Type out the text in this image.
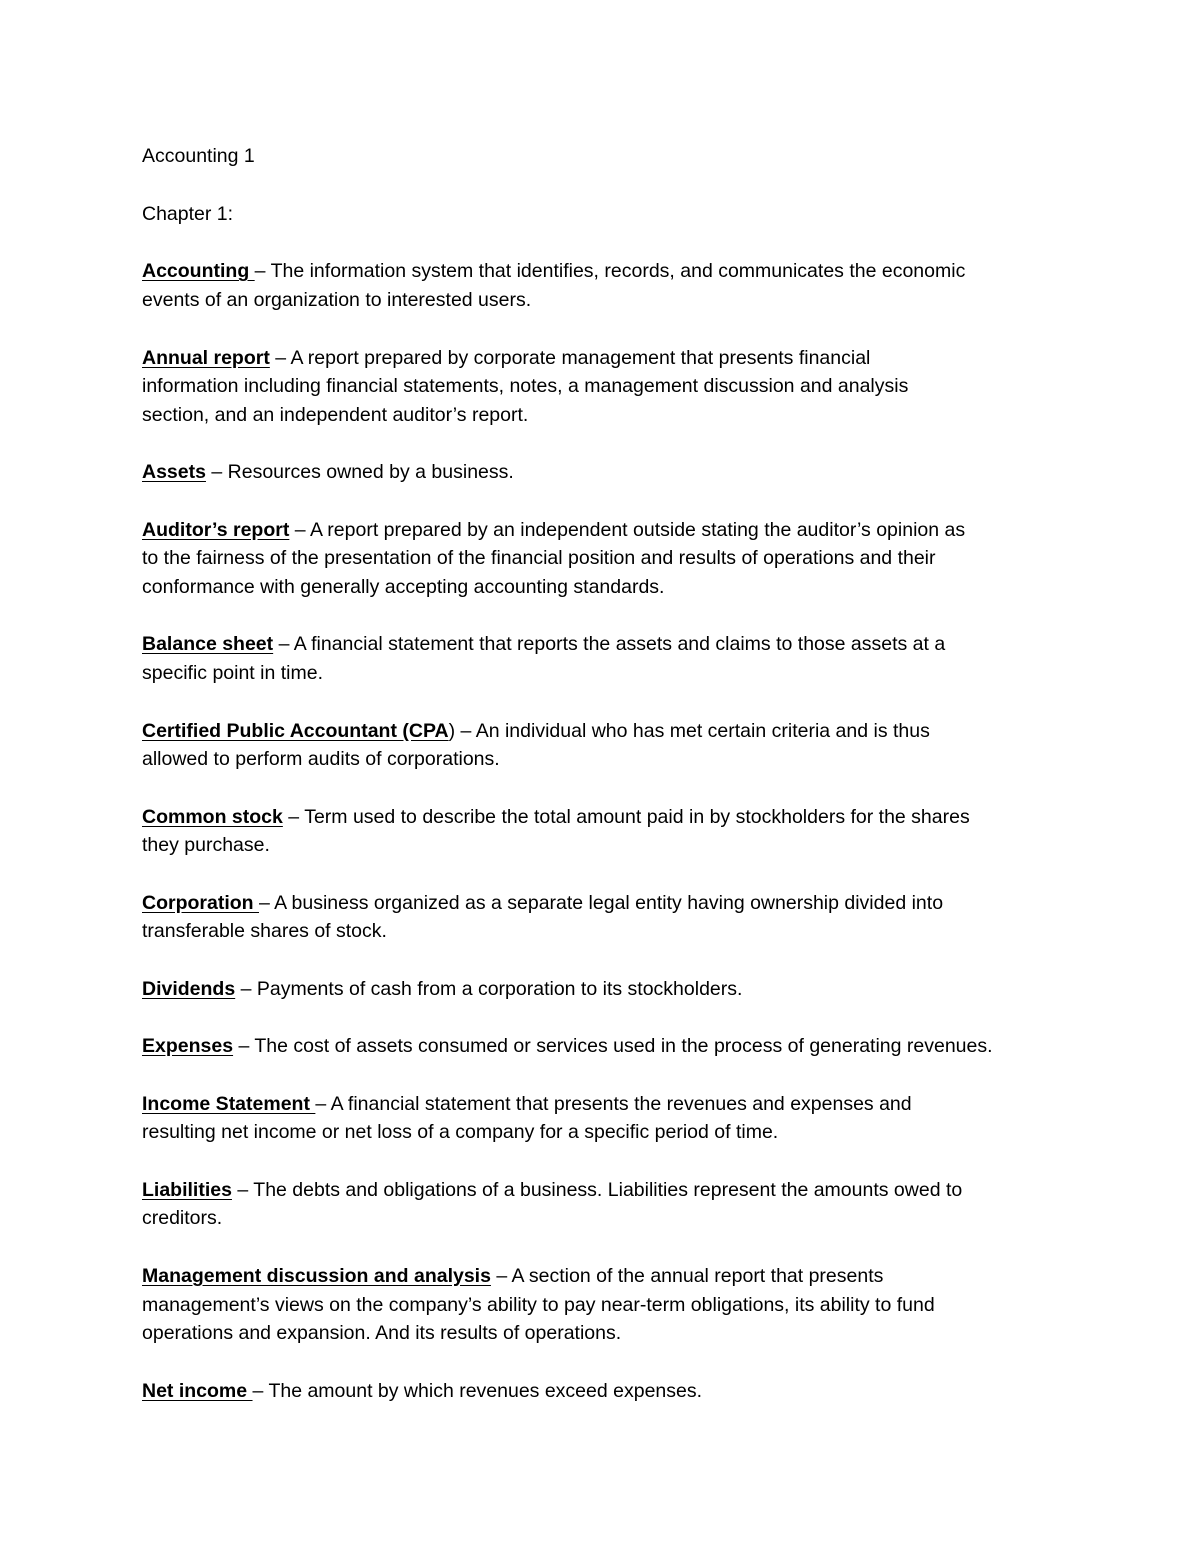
Accounting 1

Chapter 1:

Accounting – The information system that identifies, records, and communicates the economic

events of an organization to interested users.

Annual report – A report prepared by corporate management that presents financial

information including financial statements, notes, a management discussion and analysis

section, and an independent auditor’s report.

Assets – Resources owned by a business.

Auditor’s report – A report prepared by an independent outside stating the auditor’s opinion as

to the fairness of the presentation of the financial position and results of operations and their

conformance with generally accepting accounting standards.

Balance sheet – A financial statement that reports the assets and claims to those assets at a

specific point in time.

Certified Public Accountant (CPA) – An individual who has met certain criteria and is thus

allowed to perform audits of corporations.

Common stock – Term used to describe the total amount paid in by stockholders for the shares

they purchase.

Corporation – A business organized as a separate legal entity having ownership divided into

transferable shares of stock.

Dividends – Payments of cash from a corporation to its stockholders.

Expenses – The cost of assets consumed or services used in the process of generating revenues.

Income Statement – A financial statement that presents the revenues and expenses and

resulting net income or net loss of a company for a specific period of time.

Liabilities – The debts and obligations of a business. Liabilities represent the amounts owed to

creditors.

Management discussion and analysis – A section of the annual report that presents

management’s views on the company’s ability to pay near-term obligations, its ability to fund

operations and expansion. And its results of operations.

Net income – The amount by which revenues exceed expenses.
